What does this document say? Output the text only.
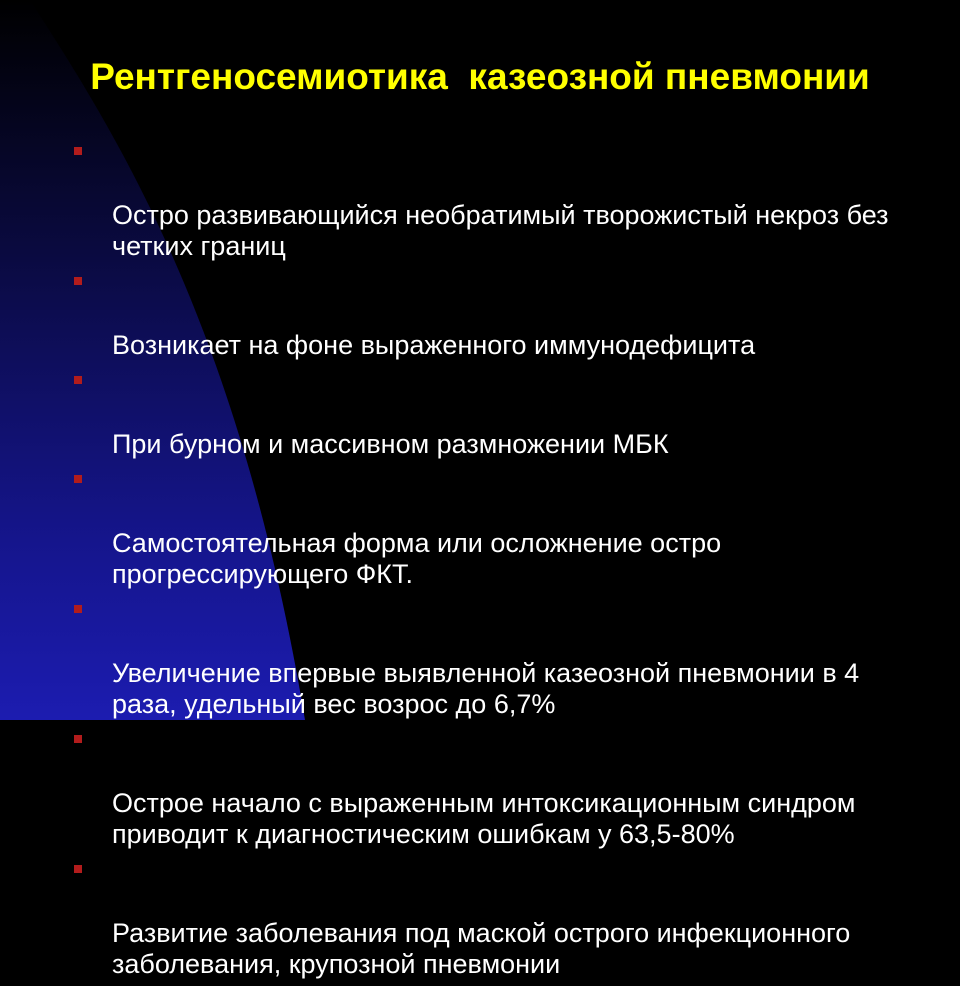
Рентгеносемиотика  казеозной пневмонии

Остро развивающийся необратимый творожистый некроз без четких границ

Возникает на фоне выраженного иммунодефицита

При бурном и массивном размножении МБК

Самостоятельная форма или осложнение остро прогрессирующего ФКТ.

Увеличение впервые выявленной казеозной пневмонии в 4 раза, удельный вес возрос до 6,7%

Острое начало с выраженным интоксикационным синдром приводит к диагностическим ошибкам у 63,5-80%

Развитие заболевания под маской острого инфекционного заболевания, крупозной пневмонии
